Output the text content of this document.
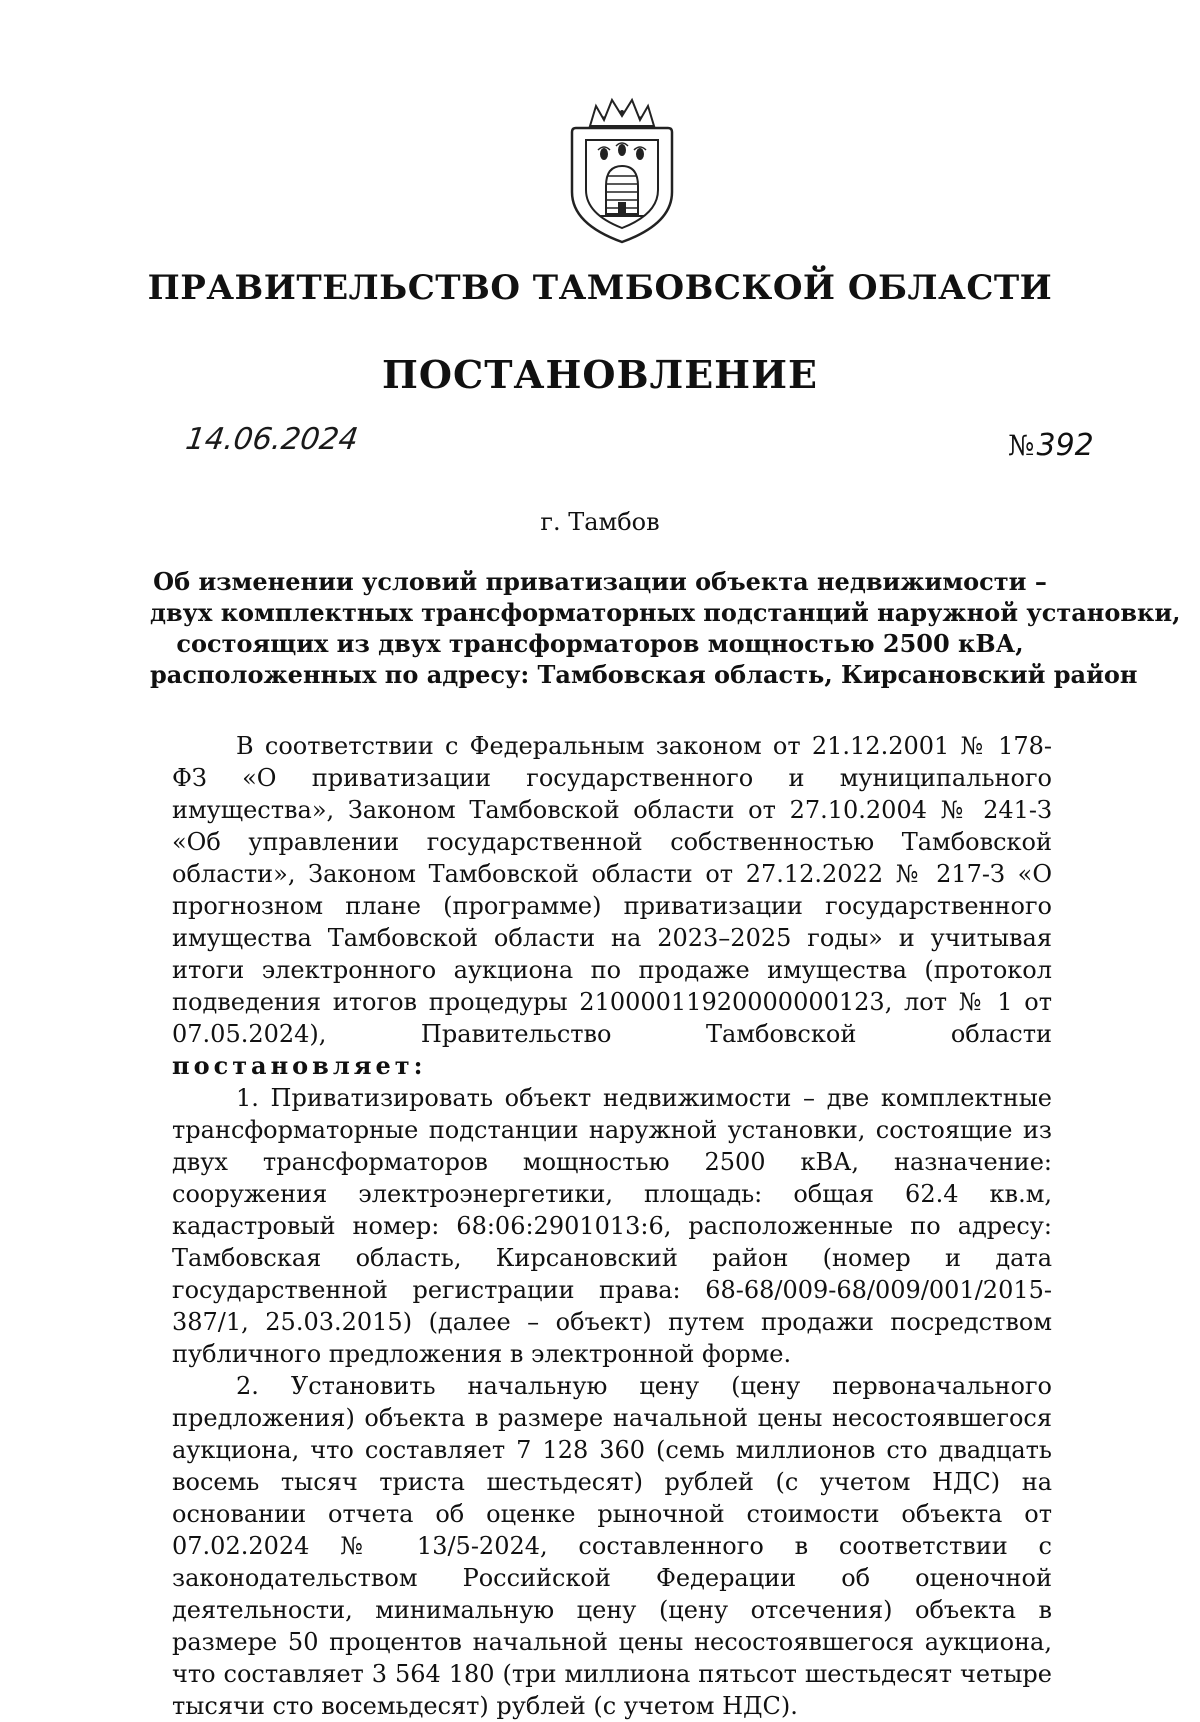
ПРАВИТЕЛЬСТВО ТАМБОВСКОЙ ОБЛАСТИ
ПОСТАНОВЛЕНИЕ
14.06.2024	№392

г. Тамбов

Об изменении условий приватизации объекта недвижимости –
двух комплектных трансформаторных подстанций наружной установки,
состоящих из двух трансформаторов мощностью 2500 кВА,
расположенных по адресу: Тамбовская область, Кирсановский район

В соответствии с Федеральным законом от 21.12.2001 № 178-ФЗ «О приватизации государственного и муниципального имущества», Законом Тамбовской области от 27.10.2004 № 241-З «Об управлении государственной собственностью Тамбовской области», Законом Тамбовской области от 27.12.2022 № 217-З «О прогнозном плане (программе) приватизации государственного имущества Тамбовской области на 2023–2025 годы» и учитывая итоги электронного аукциона по продаже имущества (протокол подведения итогов процедуры 21000011920000000123, лот № 1 от 07.05.2024), Правительство Тамбовской области постановляет:

1. Приватизировать объект недвижимости – две комплектные трансформаторные подстанции наружной установки, состоящие из двух трансформаторов мощностью 2500 кВА, назначение: сооружения электроэнергетики, площадь: общая 62.4 кв.м, кадастровый номер: 68:06:2901013:6, расположенные по адресу: Тамбовская область, Кирсановский район (номер и дата государственной регистрации права: 68-68/009-68/009/001/2015-387/1, 25.03.2015) (далее – объект) путем продажи посредством публичного предложения в электронной форме.

2. Установить начальную цену (цену первоначального предложения) объекта в размере начальной цены несостоявшегося аукциона, что составляет 7 128 360 (семь миллионов сто двадцать восемь тысяч триста шестьдесят) рублей (с учетом НДС) на основании отчета об оценке рыночной стоимости объекта от 07.02.2024 № 13/5-2024, составленного в соответствии с законодательством Российской Федерации об оценочной деятельности, минимальную цену (цену отсечения) объекта в размере 50 процентов начальной цены несостоявшегося аукциона, что составляет 3 564 180 (три миллиона пятьсот шестьдесят четыре тысячи сто восемьдесят) рублей (с учетом НДС).
